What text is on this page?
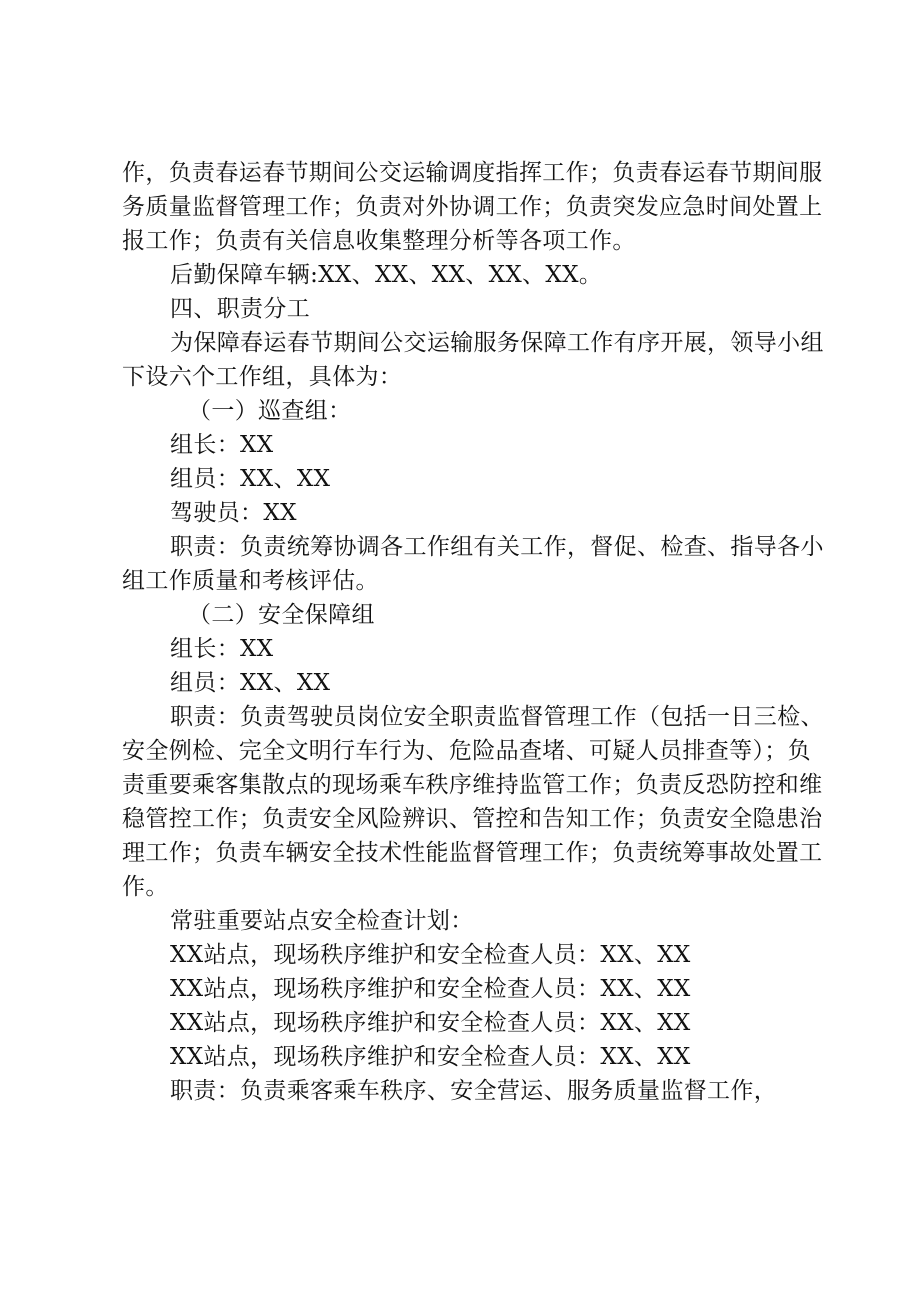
作，负责春运春节期间公交运输调度指挥工作；负责春运春节期间服
务质量监督管理工作；负责对外协调工作；负责突发应急时间处置上
报工作；负责有关信息收集整理分析等各项工作。
后勤保障车辆:XX、XX、XX、XX、XX。
四、职责分工
为保障春运春节期间公交运输服务保障工作有序开展，领导小组
下设六个工作组，具体为：
（一）巡查组：
组长：XX
组员：XX、XX
驾驶员：XX
职责：负责统筹协调各工作组有关工作，督促、检查、指导各小
组工作质量和考核评估。
（二）安全保障组
组长：XX
组员：XX、XX
职责：负责驾驶员岗位安全职责监督管理工作（包括一日三检、
安全例检、完全文明行车行为、危险品查堵、可疑人员排查等）；负
责重要乘客集散点的现场乘车秩序维持监管工作；负责反恐防控和维
稳管控工作；负责安全风险辨识、管控和告知工作；负责安全隐患治
理工作；负责车辆安全技术性能监督管理工作；负责统筹事故处置工
作。
常驻重要站点安全检查计划：
XX站点，现场秩序维护和安全检查人员：XX、XX
XX站点，现场秩序维护和安全检查人员：XX、XX
XX站点，现场秩序维护和安全检查人员：XX、XX
XX站点，现场秩序维护和安全检查人员：XX、XX
职责：负责乘客乘车秩序、安全营运、服务质量监督工作，
